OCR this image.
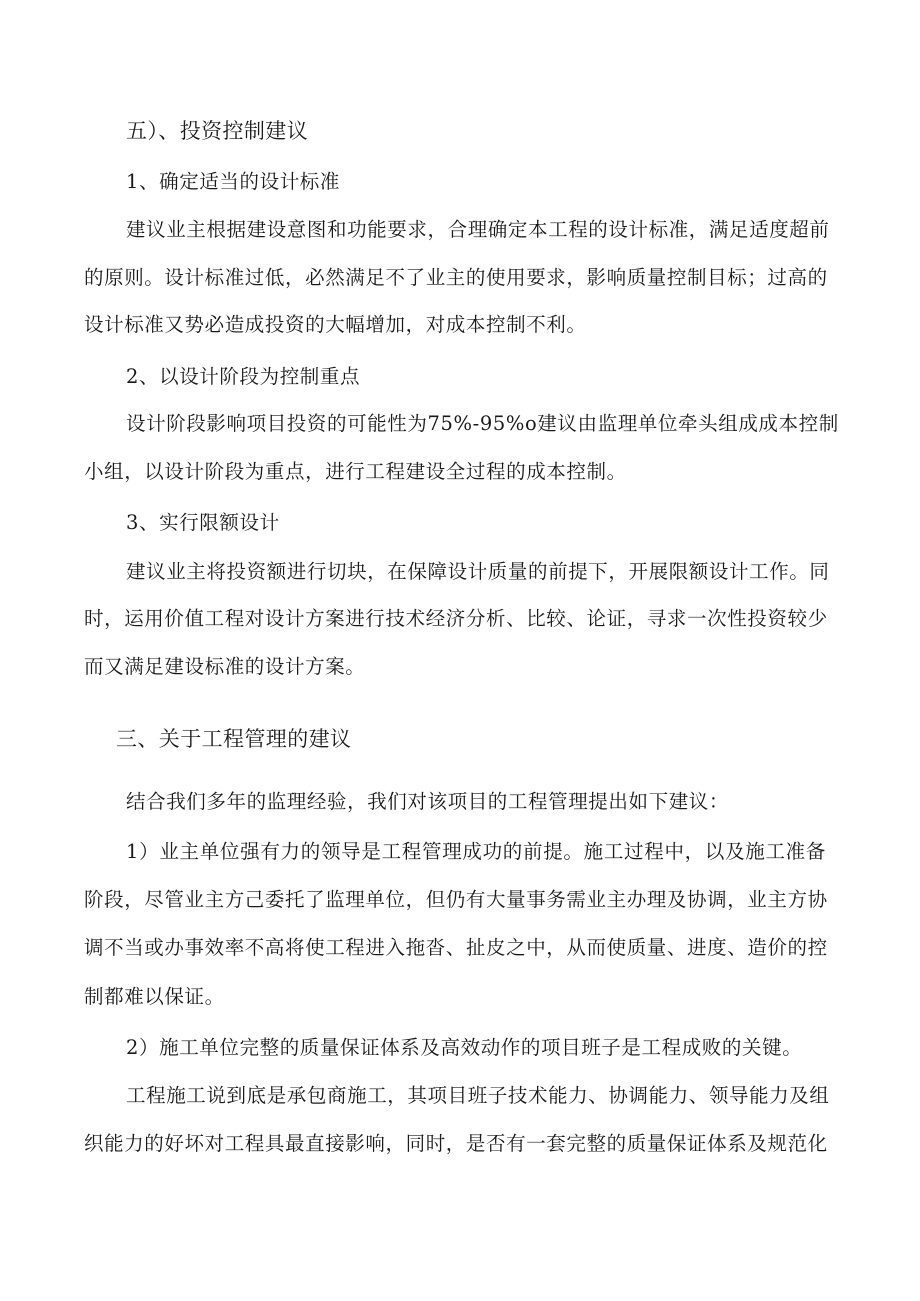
五）、投资控制建议
1、确定适当的设计标准
建议业主根据建设意图和功能要求，合理确定本工程的设计标准，满足适度超前
的原则。设计标准过低，必然满足不了业主的使用要求，影响质量控制目标；过高的
设计标准又势必造成投资的大幅增加，对成本控制不利。
2、以设计阶段为控制重点
设计阶段影响项目投资的可能性为75%-95%o建议由监理单位牵头组成成本控制
小组，以设计阶段为重点，进行工程建设全过程的成本控制。
3、实行限额设计
建议业主将投资额进行切块，在保障设计质量的前提下，开展限额设计工作。同
时，运用价值工程对设计方案进行技术经济分析、比较、论证，寻求一次性投资较少
而又满足建设标准的设计方案。
三、关于工程管理的建议
结合我们多年的监理经验，我们对该项目的工程管理提出如下建议：
1）业主单位强有力的领导是工程管理成功的前提。施工过程中，以及施工准备
阶段，尽管业主方己委托了监理单位，但仍有大量事务需业主办理及协调，业主方协
调不当或办事效率不高将使工程进入拖沓、扯皮之中，从而使质量、进度、造价的控
制都难以保证。
2）施工单位完整的质量保证体系及高效动作的项目班子是工程成败的关键。
工程施工说到底是承包商施工，其项目班子技术能力、协调能力、领导能力及组
织能力的好坏对工程具最直接影响，同时，是否有一套完整的质量保证体系及规范化
